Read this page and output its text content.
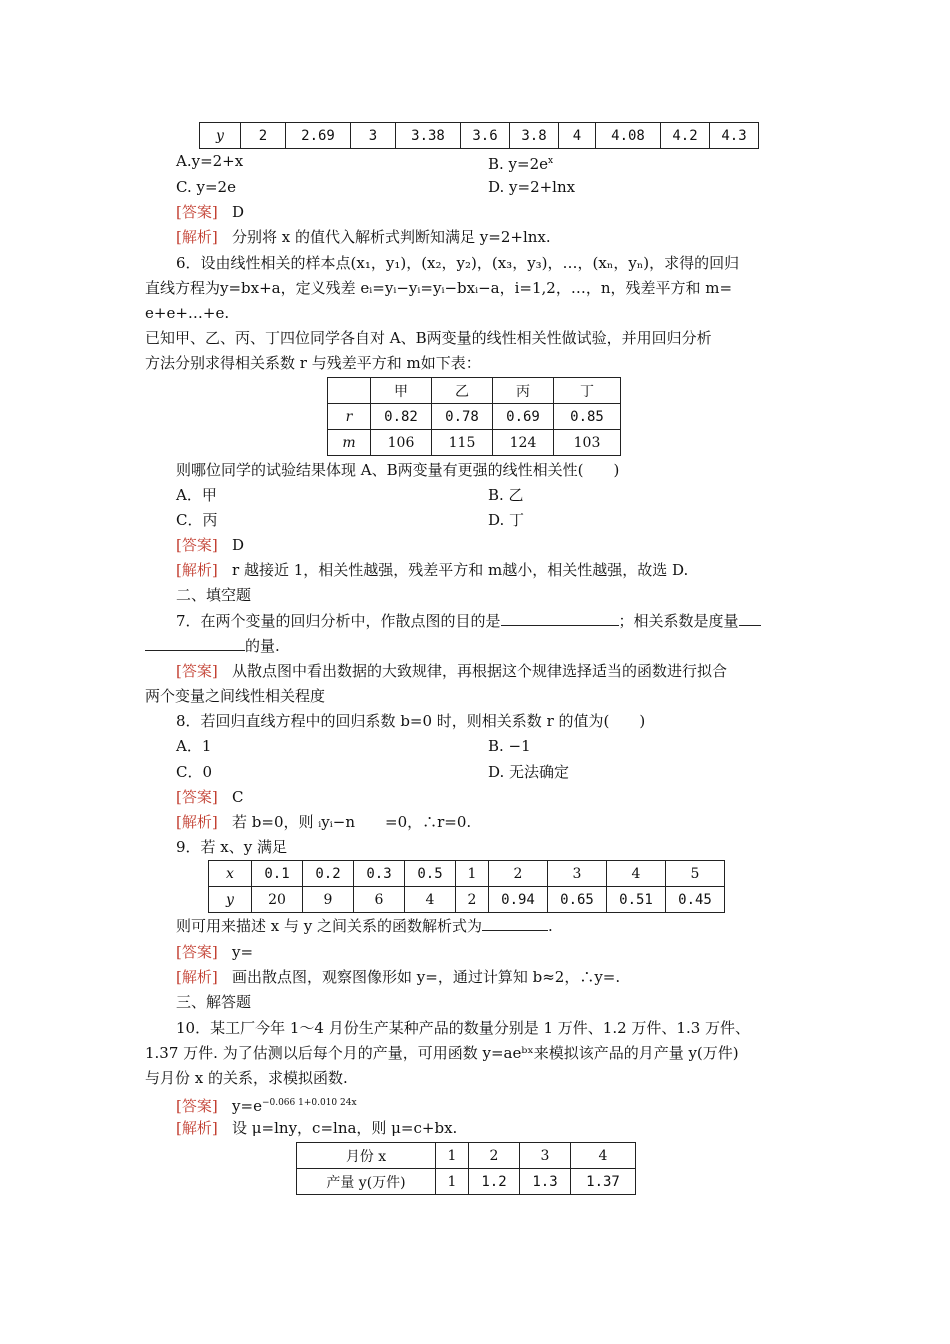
y	2	2.69	3	3.38	3.6	3.8	4	4.08	4.2	4.3
A.y=2+x	B. $y=2e^x$
C. y=2e	D. y=2+lnx
[答案] D
[解析] 分别将 x 的值代入解析式判断知满足 y=2+lnx.
6．设由线性相关的样本点(x₁，y₁)，(x₂，y₂)，(x₃，y₃)，…，(xₙ，yₙ)，求得的回归
直线方程为y=bx+a，定义残差 eᵢ=yᵢ−yᵢ=yᵢ−bxᵢ−a，i=1,2，…，n，残差平方和 m=
e+e+…+e.
已知甲、乙、丙、丁四位同学各自对 A、B两变量的线性相关性做试验，并用回归分析
方法分别求得相关系数 r 与残差平方和 m如下表：
	甲	乙	丙	丁
r	0.82	0.78	0.69	0.85
m	106	115	124	103
则哪位同学的试验结果体现 A、B两变量有更强的线性相关性(　　)
A．甲	B. 乙
C．丙	D. 丁
[答案] D
[解析] r 越接近 1，相关性越强，残差平方和 m越小，相关性越强，故选 D.
二、填空题
7．在两个变量的回归分析中，作散点图的目的是	；相关系数是度量
的量.
[答案] 从散点图中看出数据的大致规律，再根据这个规律选择适当的函数进行拟合
两个变量之间线性相关程度
8．若回归直线方程中的回归系数 b=0 时，则相关系数 r 的值为(　　)
A．1	B. −1
C．0	D. 无法确定
[答案] C
[解析] 若 b=0，则 ᵢyᵢ−n　　=0，∴r=0.
9．若 x、y 满足
x	0.1	0.2	0.3	0.5	1	2	3	4	5
y	20	9	6	4	2	0.94	0.65	0.51	0.45
则可用来描述 x 与 y 之间关系的函数解析式为	.
[答案] y=
[解析] 画出散点图，观察图像形如 y=，通过计算知 b≈2，∴y=.
三、解答题
10．某工厂今年 1～4 月份生产某种产品的数量分别是 1 万件、1.2 万件、1.3 万件、
1.37 万件. 为了估测以后每个月的产量，可用函数 y=aeᵇˣ来模拟该产品的月产量 y(万件)
与月份 x 的关系，求模拟函数.
[答案] $y=e^{-0.066 1+0.010 24x}$
[解析] 设 μ=lny，c=lna，则 μ=c+bx.
月份 x	1	2	3	4
产量 y(万件)	1	1.2	1.3	1.37
